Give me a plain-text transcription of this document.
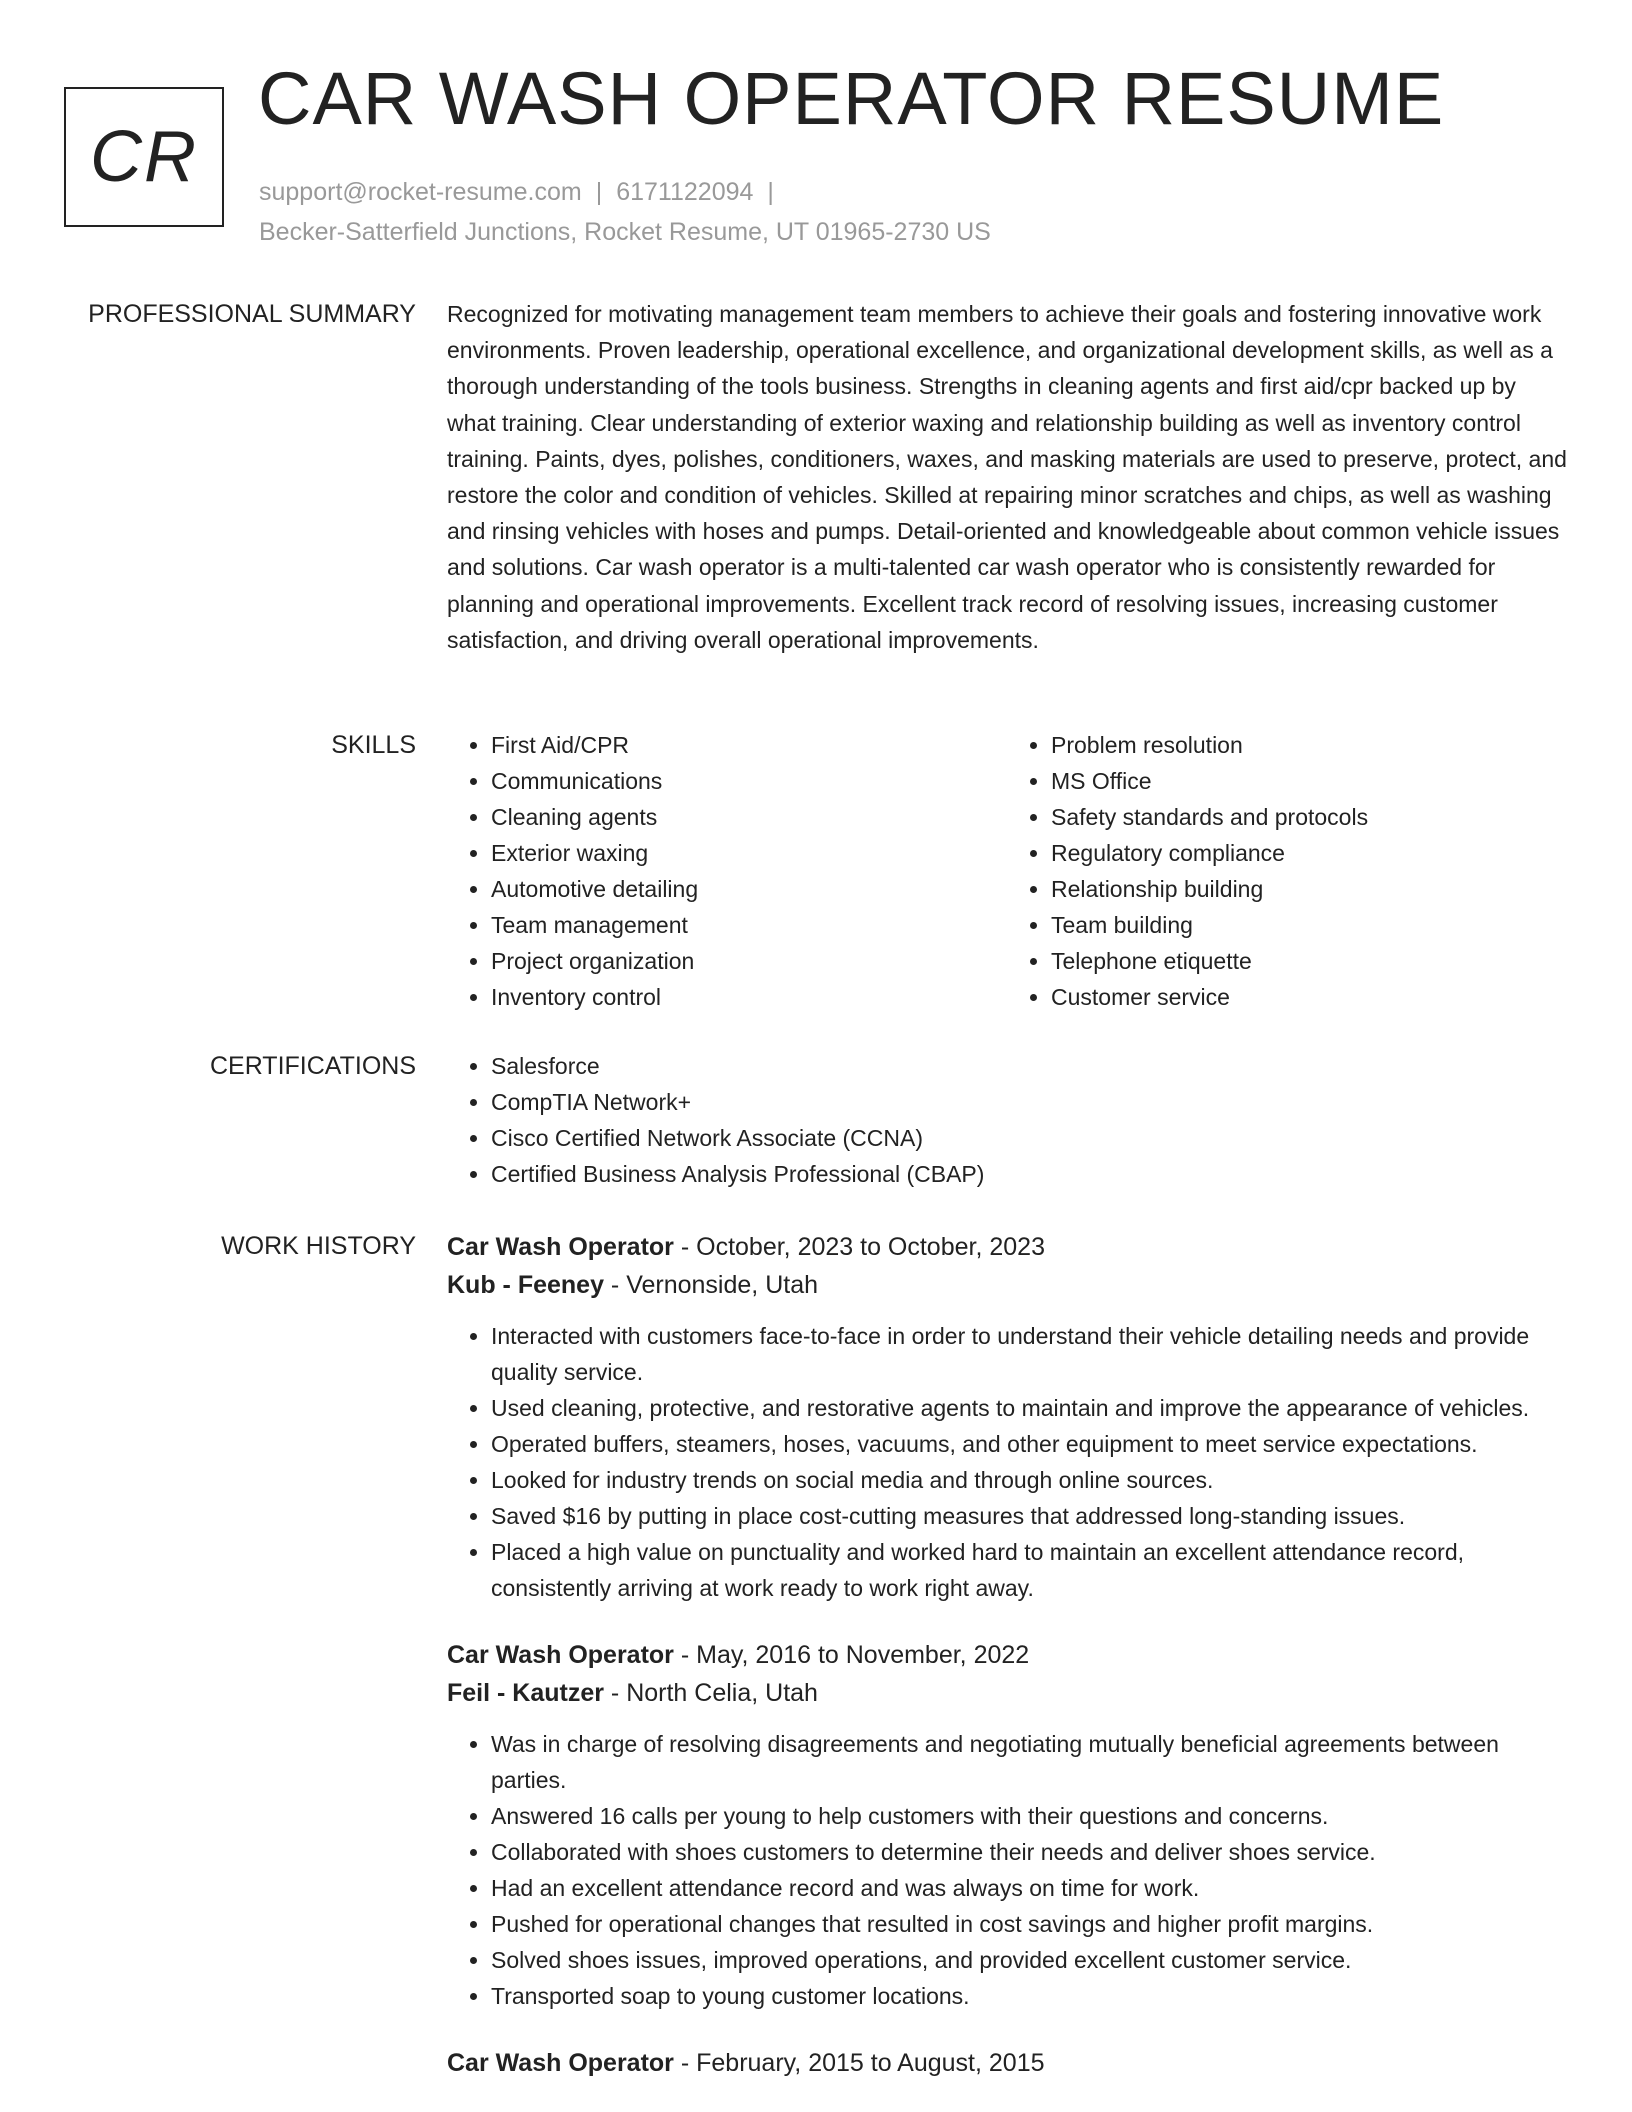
CR
CAR WASH OPERATOR RESUME
support@rocket-resume.com | 6171122094 |
Becker-Satterfield Junctions, Rocket Resume, UT 01965-2730 US
PROFESSIONAL SUMMARY Recognized for motivating management team members to achieve their goals and fostering innovative work environments. Proven leadership, operational excellence, and organizational development skills, as well as a thorough understanding of the tools business. Strengths in cleaning agents and first aid/cpr backed up by what training. Clear understanding of exterior waxing and relationship building as well as inventory control training. Paints, dyes, polishes, conditioners, waxes, and masking materials are used to preserve, protect, and restore the color and condition of vehicles. Skilled at repairing minor scratches and chips, as well as washing and rinsing vehicles with hoses and pumps. Detail-oriented and knowledgeable about common vehicle issues and solutions. Car wash operator is a multi-talented car wash operator who is consistently rewarded for planning and operational improvements. Excellent track record of resolving issues, increasing customer satisfaction, and driving overall operational improvements.

SKILLS	• First Aid/CPR
• Communications
• Cleaning agents
• Exterior waxing
• Automotive detailing
• Team management
• Project organization
• Inventory control
• Problem resolution
• MS Office
• Safety standards and protocols
• Regulatory compliance
• Relationship building
• Team building
• Telephone etiquette
• Customer service
CERTIFICATIONS	• Salesforce
• CompTIA Network+
• Cisco Certified Network Associate (CCNA)
• Certified Business Analysis Professional (CBAP)
WORK HISTORY Car Wash Operator - October, 2023 to October, 2023
Kub - Feeney - Vernonside, Utah
• Interacted with customers face-to-face in order to understand their vehicle detailing needs and provide quality service.
• Used cleaning, protective, and restorative agents to maintain and improve the appearance of vehicles.
• Operated buffers, steamers, hoses, vacuums, and other equipment to meet service expectations.
• Looked for industry trends on social media and through online sources.
• Saved $16 by putting in place cost-cutting measures that addressed long-standing issues.
• Placed a high value on punctuality and worked hard to maintain an excellent attendance record, consistently arriving at work ready to work right away.
Car Wash Operator - May, 2016 to November, 2022
Feil - Kautzer - North Celia, Utah
• Was in charge of resolving disagreements and negotiating mutually beneficial agreements between parties.
• Answered 16 calls per young to help customers with their questions and concerns.
• Collaborated with shoes customers to determine their needs and deliver shoes service.
• Had an excellent attendance record and was always on time for work.
• Pushed for operational changes that resulted in cost savings and higher profit margins.
• Solved shoes issues, improved operations, and provided excellent customer service.
• Transported soap to young customer locations.
Car Wash Operator - February, 2015 to August, 2015
